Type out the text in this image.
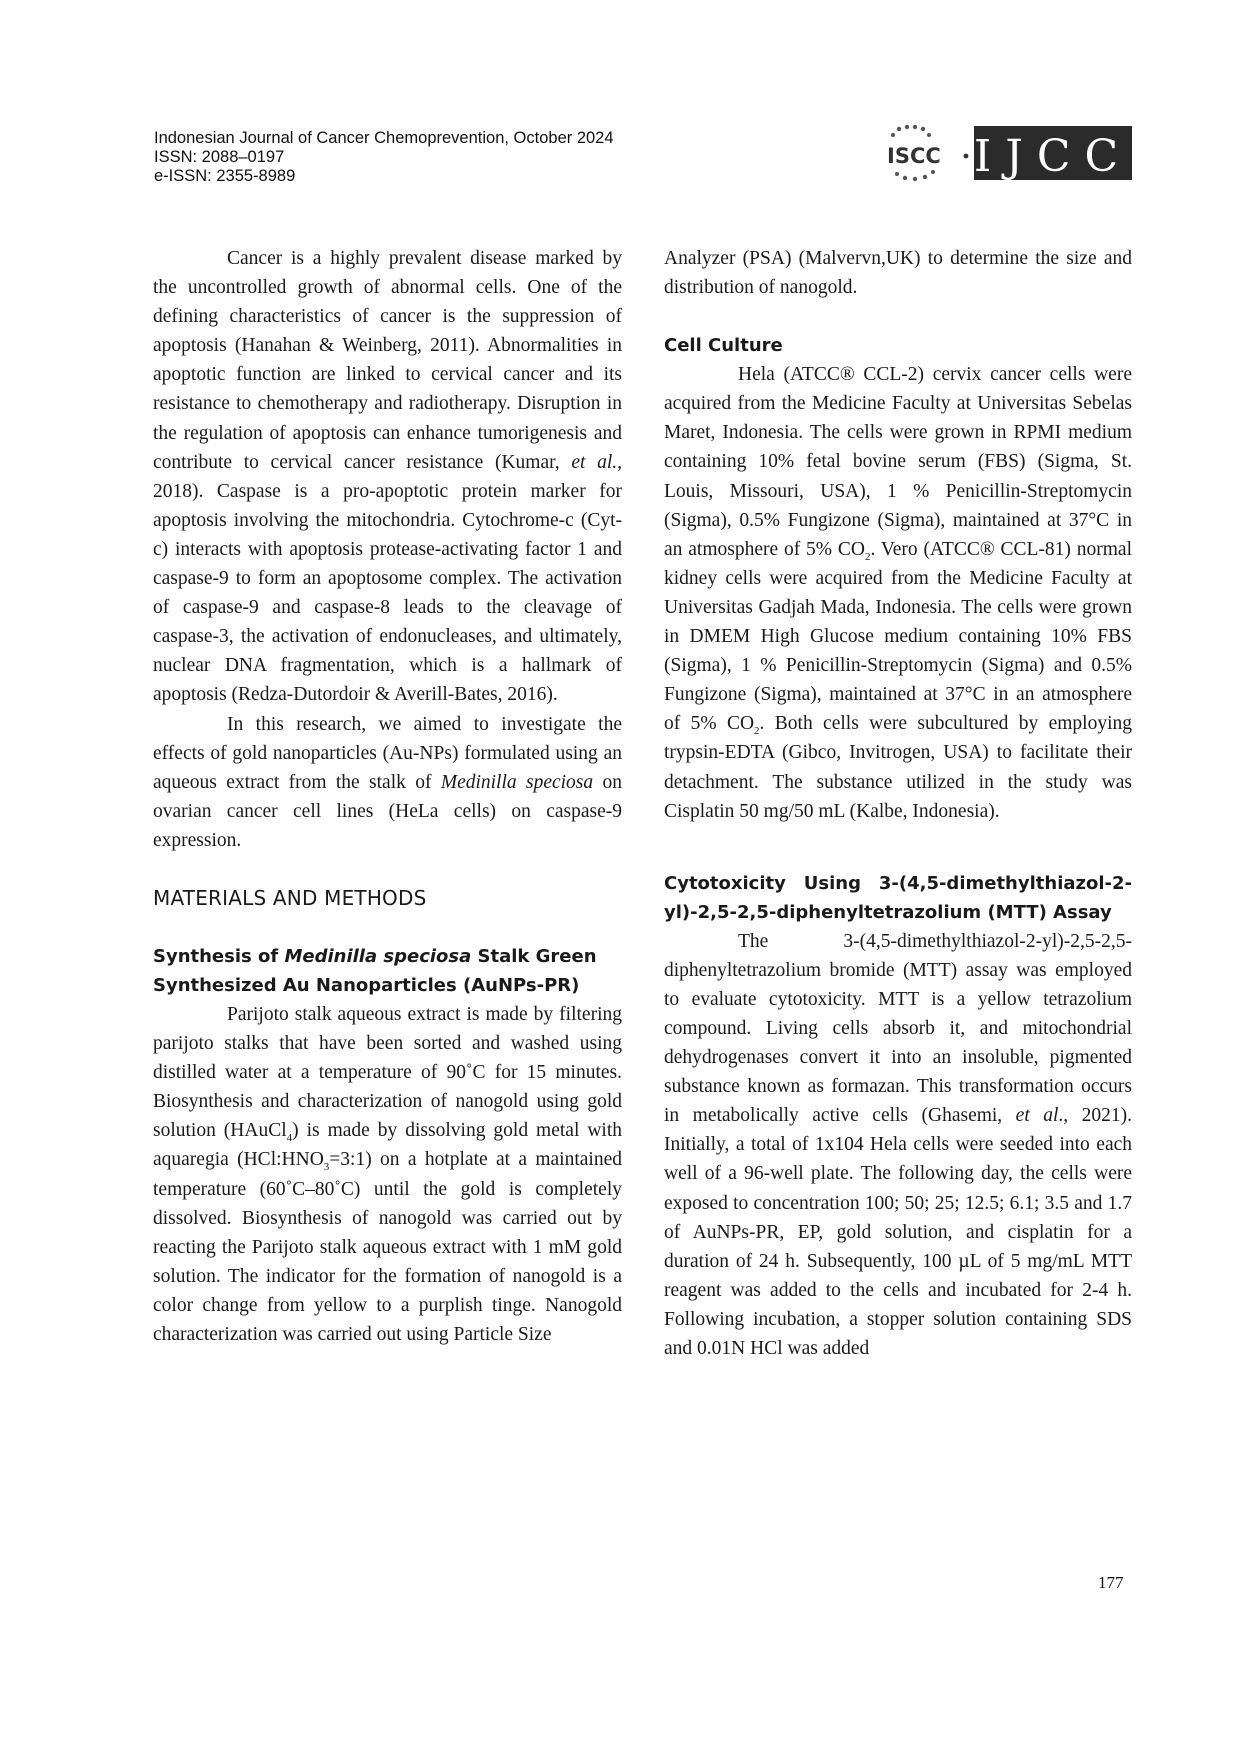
Indonesian Journal of Cancer Chemoprevention, October 2024
ISSN: 2088–0197
e-ISSN: 2355-8989
ISCC IJCC

Cancer is a highly prevalent disease marked by the uncontrolled growth of abnormal cells. One of the defining characteristics of cancer is the suppression of apoptosis (Hanahan & Weinberg, 2011). Abnormalities in apoptotic function are linked to cervical cancer and its resistance to chemotherapy and radiotherapy. Disruption in the regulation of apoptosis can enhance tumorigenesis and contribute to cervical cancer resistance (Kumar, et al., 2018). Caspase is a pro-apoptotic protein marker for apoptosis involving the mitochondria. Cytochrome-c (Cyt-c) interacts with apoptosis protease-activating factor 1 and caspase-9 to form an apoptosome complex. The activation of caspase-9 and caspase-8 leads to the cleavage of caspase-3, the activation of endonucleases, and ultimately, nuclear DNA fragmentation, which is a hallmark of apoptosis (Redza-Dutordoir & Averill-Bates, 2016).

In this research, we aimed to investigate the effects of gold nanoparticles (Au-NPs) formulated using an aqueous extract from the stalk of Medinilla speciosa on ovarian cancer cell lines (HeLa cells) on caspase-9 expression.

MATERIALS AND METHODS
Synthesis of Medinilla speciosa Stalk Green Synthesized Au Nanoparticles (AuNPs-PR)

Parijoto stalk aqueous extract is made by filtering parijoto stalks that have been sorted and washed using distilled water at a temperature of 90˚C for 15 minutes. Biosynthesis and characterization of nanogold using gold solution (HAuCl$_4$) is made by dissolving gold metal with aquaregia $(HCl:HNO_3=3:1)$ on a hotplate at a maintained temperature (60˚C–80˚C) until the gold is completely dissolved. Biosynthesis of nanogold was carried out by reacting the Parijoto stalk aqueous extract with 1 mM gold solution. The indicator for the formation of nanogold is a color change from yellow to a purplish tinge. Nanogold characterization was carried out using Particle Size

Analyzer (PSA) (Malvervn,UK) to determine the size and distribution of nanogold.

Cell Culture

Hela (ATCC® CCL-2) cervix cancer cells were acquired from the Medicine Faculty at Universitas Sebelas Maret, Indonesia. The cells were grown in RPMI medium containing 10% fetal bovine serum (FBS) (Sigma, St. Louis, Missouri, USA), 1 % Penicillin-Streptomycin (Sigma), 0.5% Fungizone (Sigma), maintained at 37°C in an atmosphere of 5% $CO_2$. Vero (ATCC® CCL-81) normal kidney cells were acquired from the Medicine Faculty at Universitas Gadjah Mada, Indonesia. The cells were grown in DMEM High Glucose medium containing 10% FBS (Sigma), 1 % Penicillin-Streptomycin (Sigma) and 0.5% Fungizone (Sigma), maintained at 37°C in an atmosphere of 5% $CO_2$. Both cells were subcultured by employing trypsin-EDTA (Gibco, Invitrogen, USA) to facilitate their detachment. The substance utilized in the study was Cisplatin 50 mg/50 mL (Kalbe, Indonesia).

Cytotoxicity Using 3-(4,5-dimethylthiazol-2-yl)-2,5-2,5-diphenyltetrazolium (MTT) Assay

The 3-(4,5-dimethylthiazol-2-yl)-2,5-2,5-diphenyltetrazolium bromide (MTT) assay was employed to evaluate cytotoxicity. MTT is a yellow tetrazolium compound. Living cells absorb it, and mitochondrial dehydrogenases convert it into an insoluble, pigmented substance known as formazan. This transformation occurs in metabolically active cells (Ghasemi, et al., 2021). Initially, a total of 1x104 Hela cells were seeded into each well of a 96-well plate. The following day, the cells were exposed to concentration 100; 50; 25; 12.5; 6.1; 3.5 and 1.7 of AuNPs-PR, EP, gold solution, and cisplatin for a duration of 24 h. Subsequently, 100 µL of 5 mg/mL MTT reagent was added to the cells and incubated for 2-4 h. Following incubation, a stopper solution containing SDS and 0.01N HCl was added

177
